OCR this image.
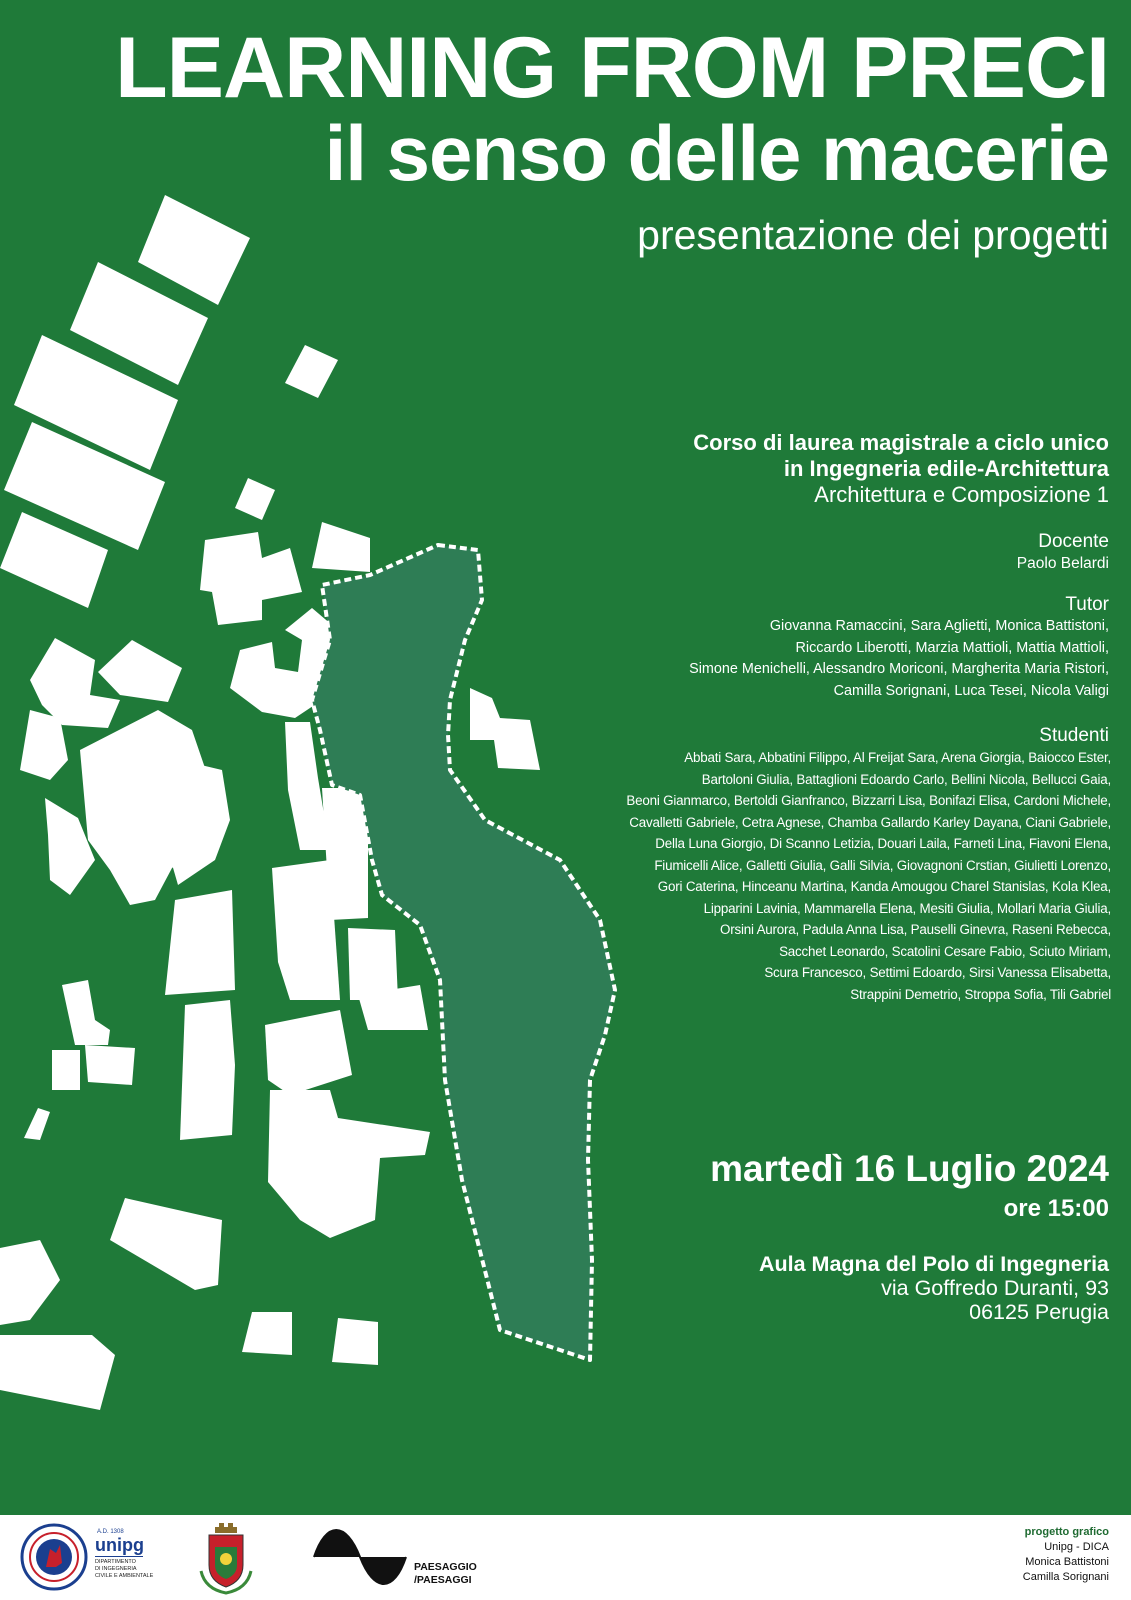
LEARNING FROM PRECI
il senso delle macerie
presentazione dei progetti
Corso di laurea magistrale a ciclo unico
in Ingegneria edile-Architettura
Architettura e Composizione 1
Docente
Paolo Belardi
Tutor
Giovanna Ramaccini, Sara Aglietti, Monica Battistoni,
Riccardo Liberotti, Marzia Mattioli, Mattia Mattioli,
Simone Menichelli, Alessandro Moriconi, Margherita Maria Ristori,
Camilla Sorignani, Luca Tesei, Nicola Valigi
Studenti
Abbati Sara, Abbatini Filippo, Al Freijat Sara, Arena Giorgia, Baiocco Ester,
Bartoloni Giulia, Battaglioni Edoardo Carlo, Bellini Nicola, Bellucci Gaia,
Beoni Gianmarco, Bertoldi Gianfranco, Bizzarri Lisa, Bonifazi Elisa, Cardoni Michele,
Cavalletti Gabriele, Cetra Agnese, Chamba Gallardo Karley Dayana, Ciani Gabriele,
Della Luna Giorgio, Di Scanno Letizia, Douari Laila, Farneti Lina, Fiavoni Elena,
Fiumicelli Alice, Galletti Giulia, Galli Silvia, Giovagnoni Crstian, Giulietti Lorenzo,
Gori Caterina, Hinceanu Martina, Kanda Amougou Charel Stanislas, Kola Klea,
Lipparini Lavinia, Mammarella Elena, Mesiti Giulia, Mollari Maria Giulia,
Orsini Aurora, Padula Anna Lisa, Pauselli Ginevra, Raseni Rebecca,
Sacchet Leonardo, Scatolini Cesare Fabio, Sciuto Miriam,
Scura Francesco, Settimi Edoardo, Sirsi Vanessa Elisabetta,
Strappini Demetrio, Stroppa Sofia, Tili Gabriel
martedì 16 Luglio 2024
ore 15:00
Aula Magna del Polo di Ingegneria
via Goffredo Duranti, 93
06125 Perugia
A.D. 1308
unipg
DIPARTIMENTO
DI INGEGNERIA
CIVILE E AMBIENTALE
PAESAGGIO
/PAESAGGI
progetto grafico
Unipg - DICA
Monica Battistoni
Camilla Sorignani
